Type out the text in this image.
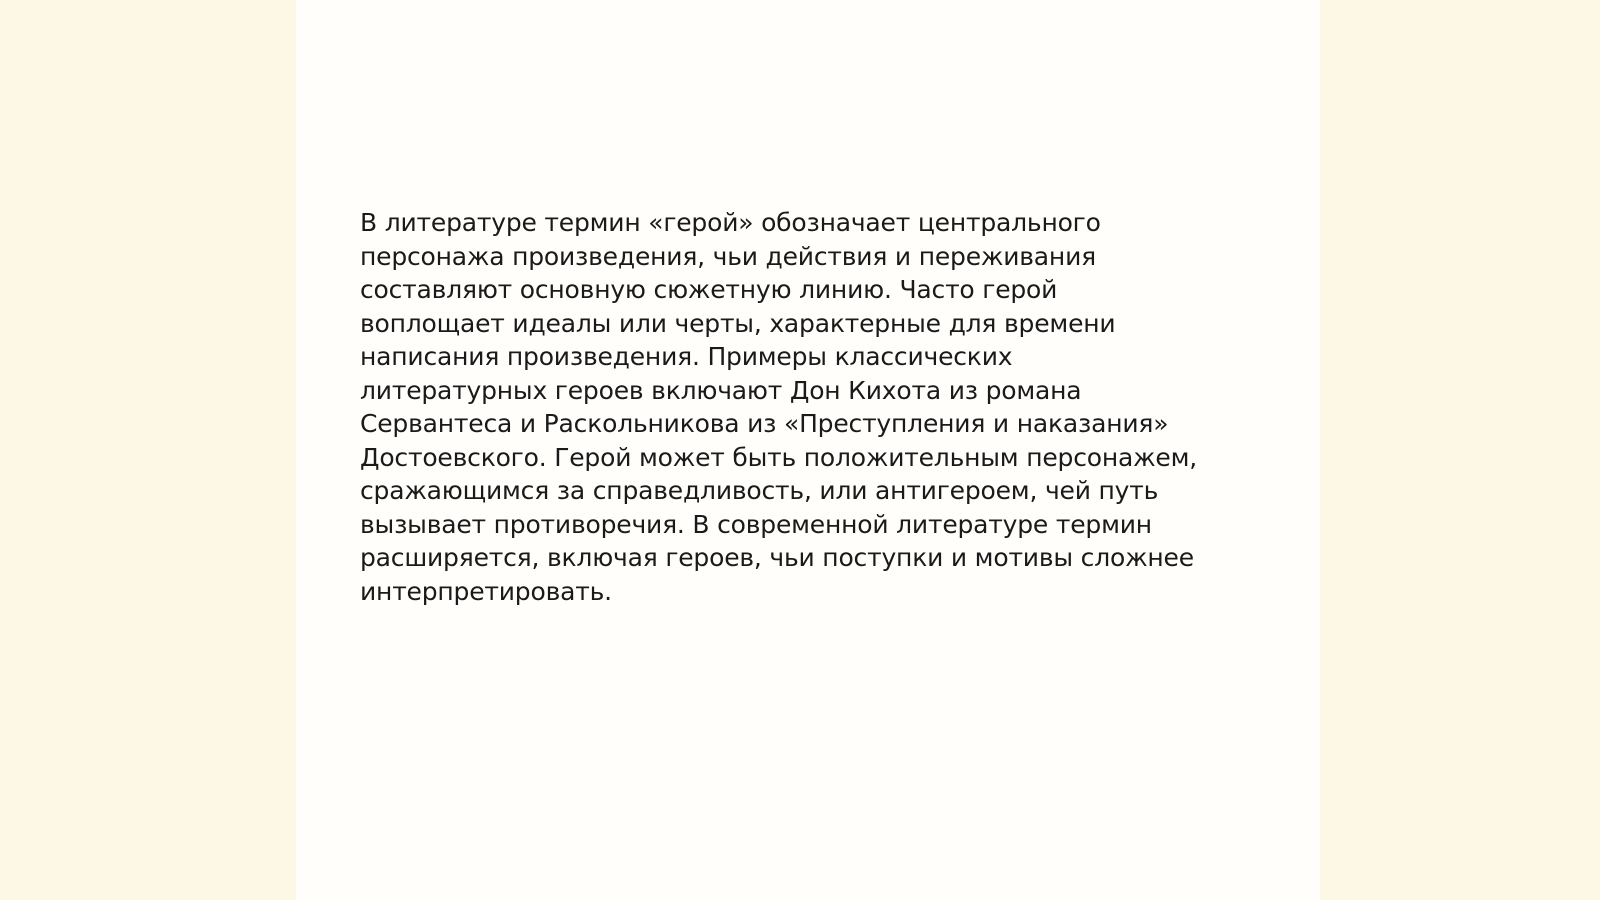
В литературе термин «герой» обозначает центрального
персонажа произведения, чьи действия и переживания
составляют основную сюжетную линию. Часто герой
воплощает идеалы или черты, характерные для времени
написания произведения. Примеры классических
литературных героев включают Дон Кихота из романа
Сервантеса и Раскольникова из «Преступления и наказания»
Достоевского. Герой может быть положительным персонажем,
сражающимся за справедливость, или антигероем, чей путь
вызывает противоречия. В современной литературе термин
расширяется, включая героев, чьи поступки и мотивы сложнее
интерпретировать.
